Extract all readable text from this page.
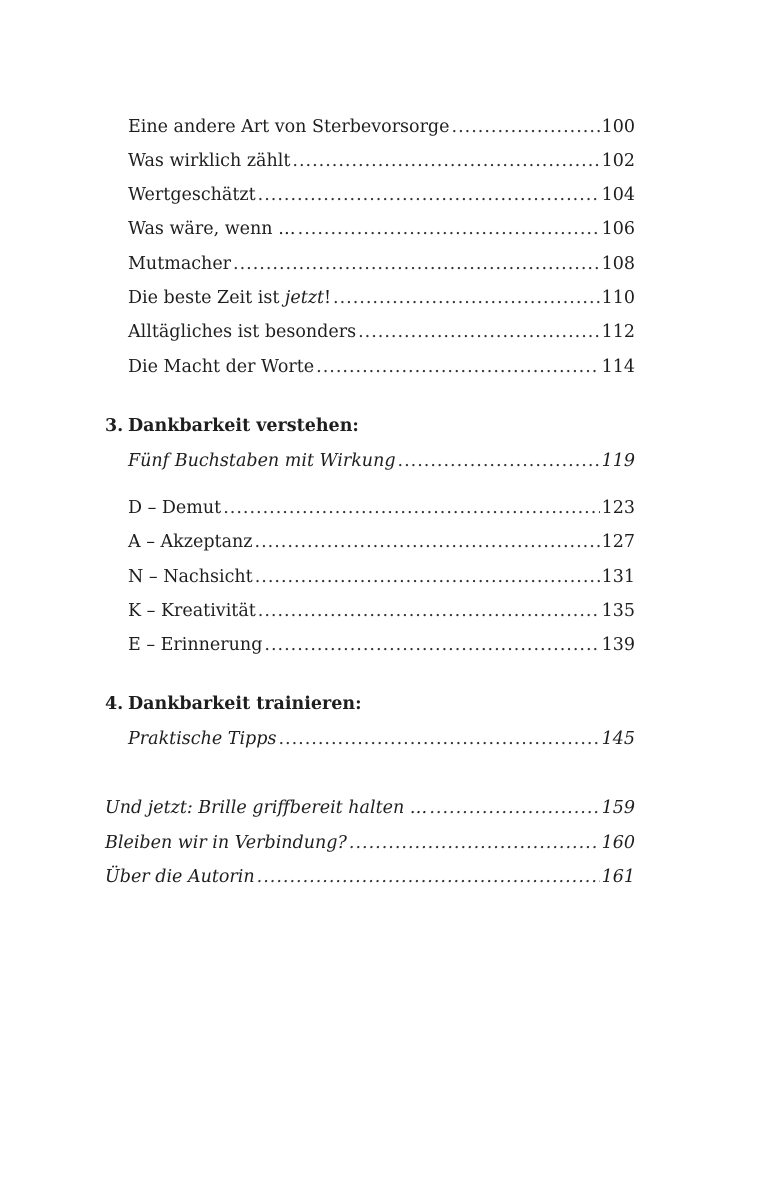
Eine andere Art von Sterbevorsorge .....	100
Was wirklich zählt .....	102
Wertgeschätzt .....	104
Was wäre, wenn … .....	106
Mutmacher .....	108
Die beste Zeit ist jetzt! .....	110
Alltägliches ist besonders .....	112
Die Macht der Worte .....	114
3. Dankbarkeit verstehen:
Fünf Buchstaben mit Wirkung .....	119
D – Demut .....	123
A – Akzeptanz .....	127
N – Nachsicht .....	131
K – Kreativität .....	135
E – Erinnerung .....	139
4. Dankbarkeit trainieren:
Praktische Tipps .....	145
Und jetzt: Brille griffbereit halten … .....	159
Bleiben wir in Verbindung? .....	160
Über die Autorin .....	161
